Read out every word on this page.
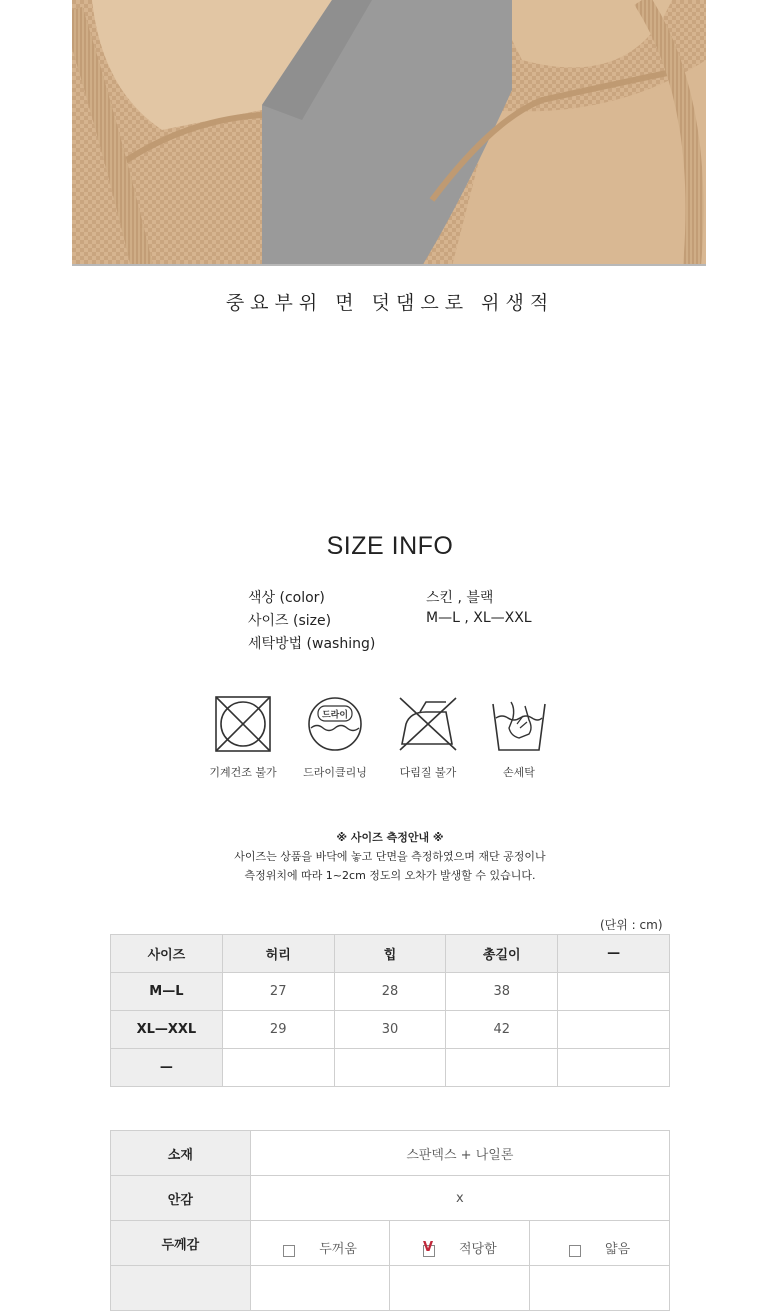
중요부위 면 덧댐으로 위생적
SIZE INFO
색상 (color)	스킨 , 블랙
사이즈 (size)	M—L , XL—XXL
세탁방법 (washing)
기계건조 불가
드라이
드라이클리닝	다림질 불가	손세탁
※ 사이즈 측정안내 ※
사이즈는 상품을 바닥에 놓고 단면을 측정하였으며 재단 공정이나
측정위치에 따라 1~2cm 정도의 오차가 발생할 수 있습니다.
(단위 : cm)
사이즈	허리	힙	총길이	—
M—L	27	28	38	
XL—XXL	29	30	42	
—				
소재	스판덱스 + 나일론		
안감	x		
두께감	두꺼움	V적당함	얇음
